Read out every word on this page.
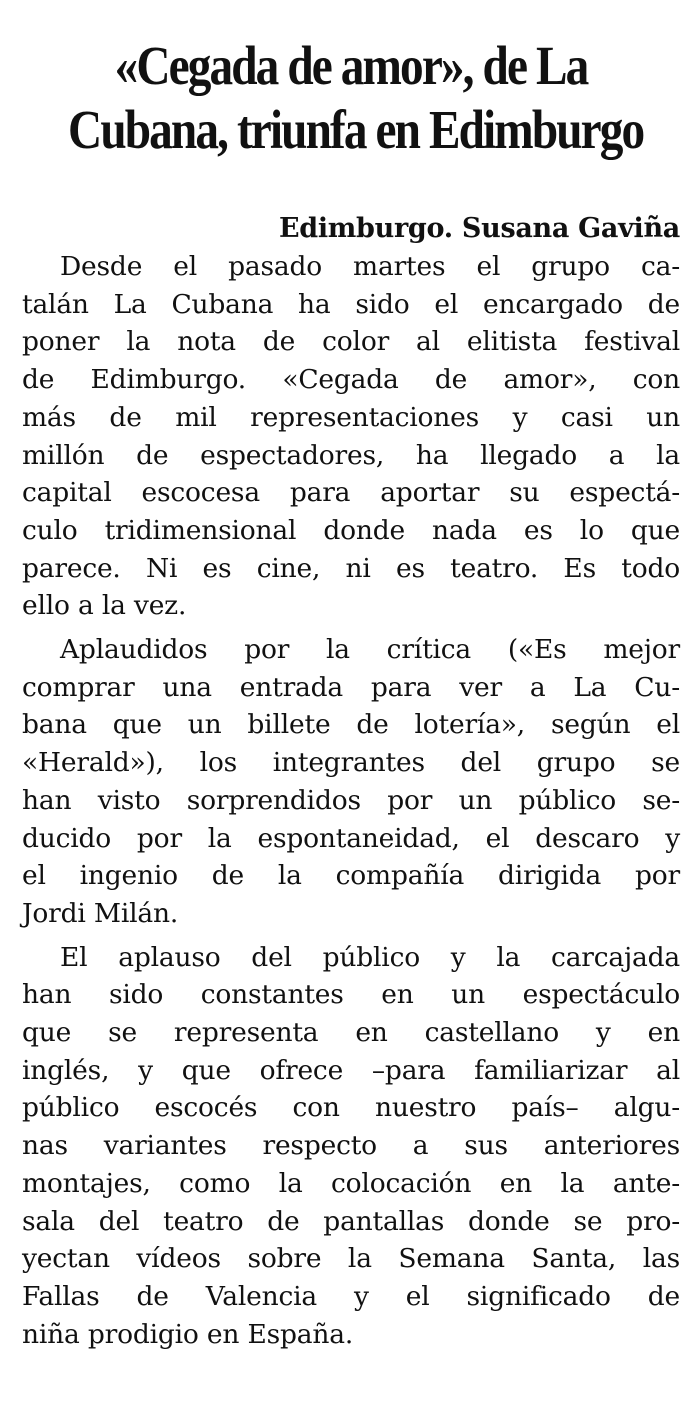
«Cegada de amor», de La
Cubana, triunfa en Edimburgo
Edimburgo. Susana Gaviña
Desde el pasado martes el grupo ca-
talán La Cubana ha sido el encargado de
poner la nota de color al elitista festival
de Edimburgo. «Cegada de amor», con
más de mil representaciones y casi un
millón de espectadores, ha llegado a la
capital escocesa para aportar su espectá-
culo tridimensional donde nada es lo que
parece. Ni es cine, ni es teatro. Es todo
ello a la vez.
Aplaudidos por la crítica («Es mejor
comprar una entrada para ver a La Cu-
bana que un billete de lotería», según el
«Herald»), los integrantes del grupo se
han visto sorprendidos por un público se-
ducido por la espontaneidad, el descaro y
el ingenio de la compañía dirigida por
Jordi Milán.
El aplauso del público y la carcajada
han sido constantes en un espectáculo
que se representa en castellano y en
inglés, y que ofrece –para familiarizar al
público escocés con nuestro país– algu-
nas variantes respecto a sus anteriores
montajes, como la colocación en la ante-
sala del teatro de pantallas donde se pro-
yectan vídeos sobre la Semana Santa, las
Fallas de Valencia y el significado de
niña prodigio en España.
